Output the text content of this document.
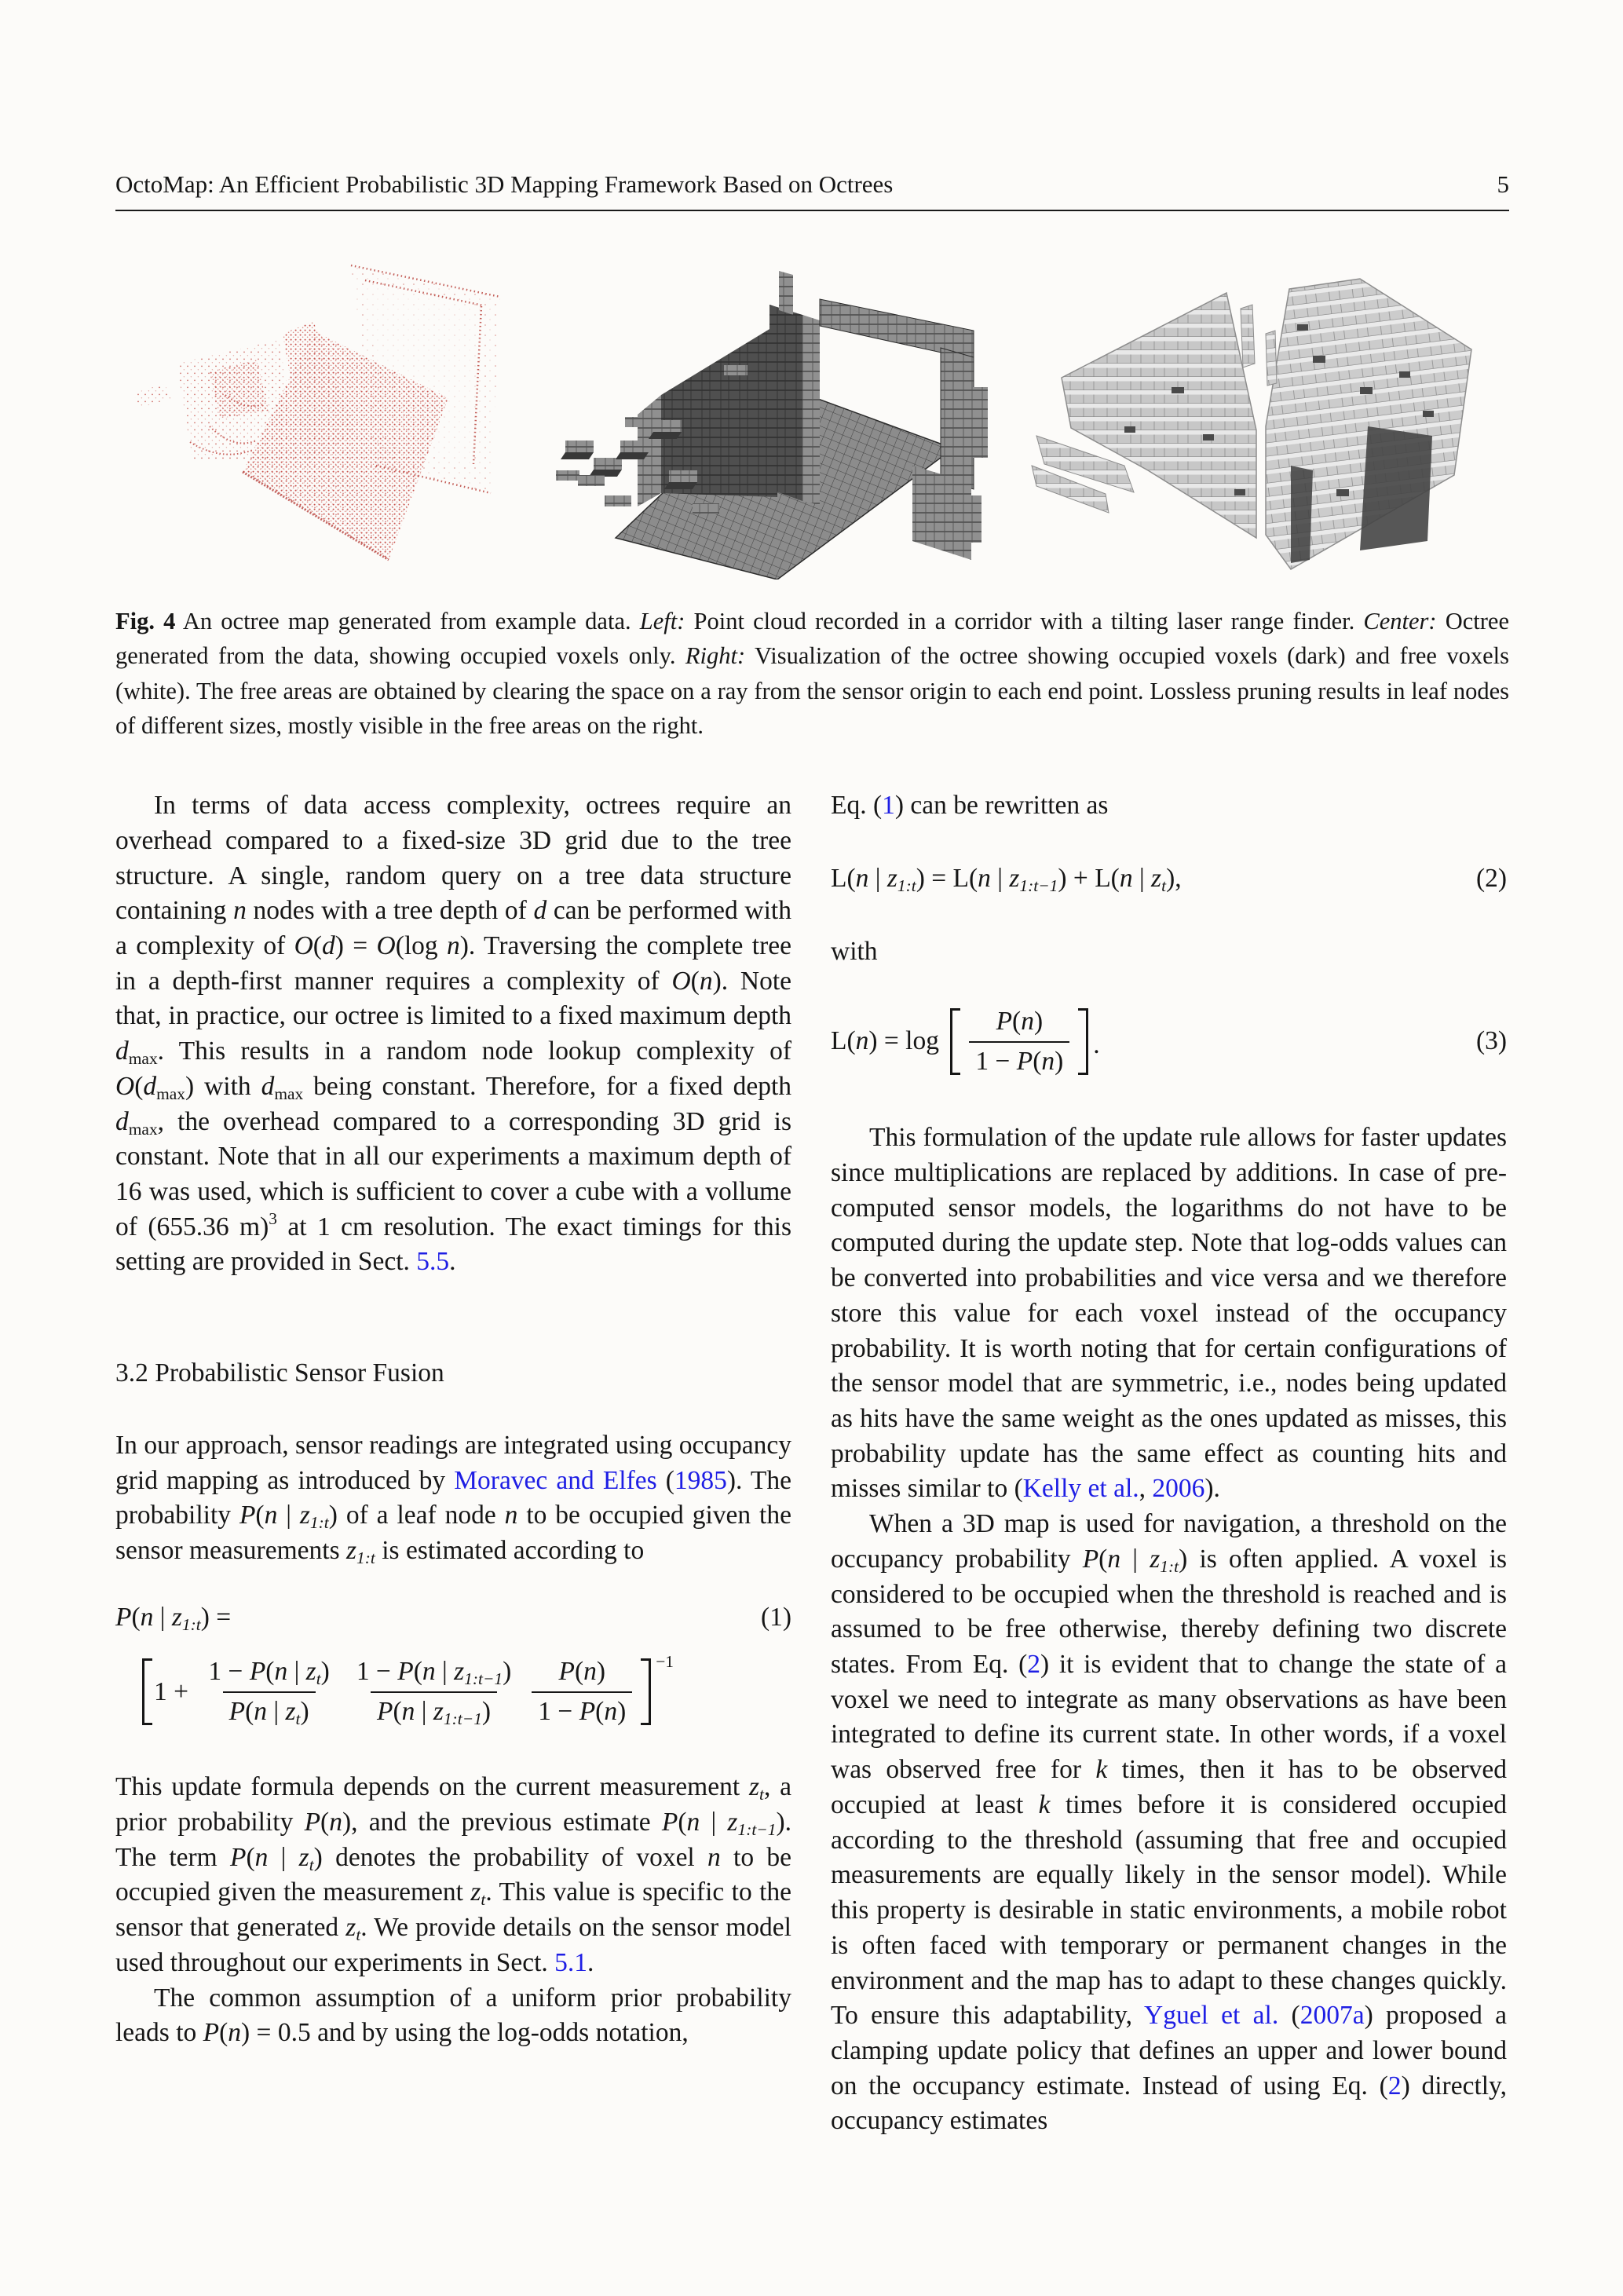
OctoMap: An Efficient Probabilistic 3D Mapping Framework Based on Octrees	5

Fig. 4 An octree map generated from example data. Left: Point cloud recorded in a corridor with a tilting laser range finder. Center: Octree generated from the data, showing occupied voxels only. Right: Visualization of the octree showing occupied voxels (dark) and free voxels (white). The free areas are obtained by clearing the space on a ray from the sensor origin to each end point. Lossless pruning results in leaf nodes of different sizes, mostly visible in the free areas on the right.

In terms of data access complexity, octrees require an overhead compared to a fixed-size 3D grid due to the tree structure. A single, random query on a tree data structure containing n nodes with a tree depth of d can be performed with a complexity of O(d) = O(log n). Traversing the complete tree in a depth-first manner requires a complexity of O(n). Note that, in practice, our octree is limited to a fixed maximum depth dmax. This results in a random node lookup complexity of O(dmax) with dmax being constant. Therefore, for a fixed depth dmax, the overhead compared to a corresponding 3D grid is constant. Note that in all our experiments a maximum depth of 16 was used, which is sufficient to cover a cube with a vollume of (655.36 m)$^3$ at 1 cm resolution. The exact timings for this setting are provided in Sect. 5.5.

3.2 Probabilistic Sensor Fusion

In our approach, sensor readings are integrated using occupancy grid mapping as introduced by Moravec and Elfes (1985). The probability P(n | z1:t) of a leaf node n to be occupied given the sensor measurements z1:t is estimated according to

P(n | z1:t) =	(1)
$1 + \frac{1 - P(n | zt)}{P(n | zt)} \frac{1 - P(n | z1:t-1)}{P(n | z1:t-1)} \frac{P(n)}{1 - P(n)} -1$

This update formula depends on the current measurement zt, a prior probability P(n), and the previous estimate P(n | z1:t−1). The term P(n | zt) denotes the probability of voxel n to be occupied given the measurement zt. This value is specific to the sensor that generated zt. We provide details on the sensor model used throughout our experiments in Sect. 5.1.

The common assumption of a uniform prior probability leads to P(n) = 0.5 and by using the log-odds notation,

Eq. (1) can be rewritten as

L(n | z1:t) = L(n | z1:t−1) + L(n | zt),	(2)

with

L( n ) = $\log \frac{P(n)}{1 - P(n)}$ .	(3)

This formulation of the update rule allows for faster updates since multiplications are replaced by additions. In case of pre-computed sensor models, the logarithms do not have to be computed during the update step. Note that log-odds values can be converted into probabilities and vice versa and we therefore store this value for each voxel instead of the occupancy probability. It is worth noting that for certain configurations of the sensor model that are symmetric, i.e., nodes being updated as hits have the same weight as the ones updated as misses, this probability update has the same effect as counting hits and misses similar to (Kelly et al., 2006).

When a 3D map is used for navigation, a threshold on the occupancy probability P(n | z1:t) is often applied. A voxel is considered to be occupied when the threshold is reached and is assumed to be free otherwise, thereby defining two discrete states. From Eq. (2) it is evident that to change the state of a voxel we need to integrate as many observations as have been integrated to define its current state. In other words, if a voxel was observed free for k times, then it has to be observed occupied at least k times before it is considered occupied according to the threshold (assuming that free and occupied measurements are equally likely in the sensor model). While this property is desirable in static environments, a mobile robot is often faced with temporary or permanent changes in the environment and the map has to adapt to these changes quickly. To ensure this adaptability, Yguel et al. (2007a) proposed a clamping update policy that defines an upper and lower bound on the occupancy estimate. Instead of using Eq. (2) directly, occupancy estimates
